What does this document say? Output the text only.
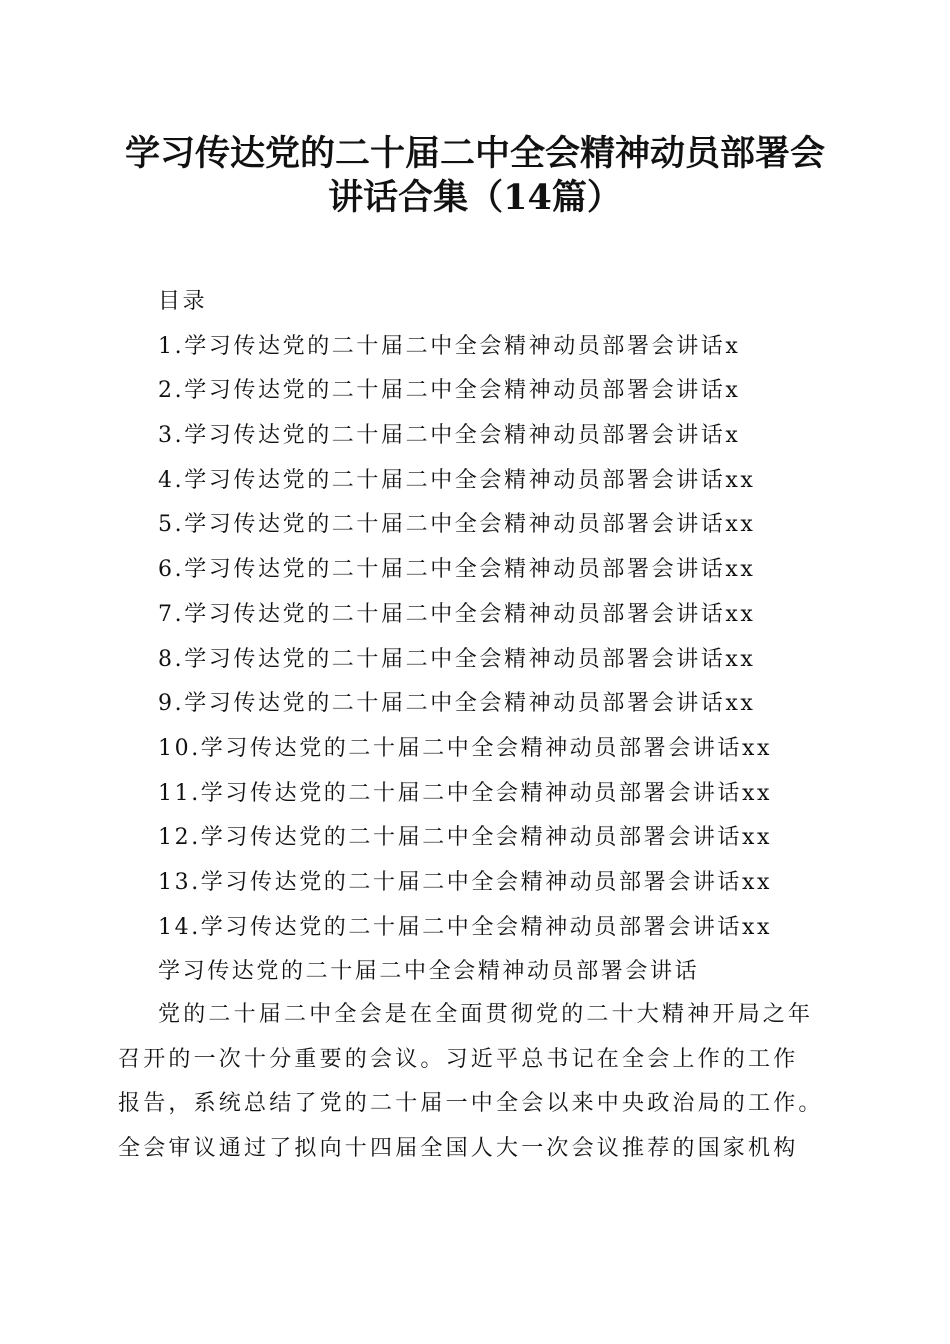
学习传达党的二十届二中全会精神动员部署会
讲话合集（14篇）
目录
1.学习传达党的二十届二中全会精神动员部署会讲话x
2.学习传达党的二十届二中全会精神动员部署会讲话x
3.学习传达党的二十届二中全会精神动员部署会讲话x
4.学习传达党的二十届二中全会精神动员部署会讲话xx
5.学习传达党的二十届二中全会精神动员部署会讲话xx
6.学习传达党的二十届二中全会精神动员部署会讲话xx
7.学习传达党的二十届二中全会精神动员部署会讲话xx
8.学习传达党的二十届二中全会精神动员部署会讲话xx
9.学习传达党的二十届二中全会精神动员部署会讲话xx
10.学习传达党的二十届二中全会精神动员部署会讲话xx
11.学习传达党的二十届二中全会精神动员部署会讲话xx
12.学习传达党的二十届二中全会精神动员部署会讲话xx
13.学习传达党的二十届二中全会精神动员部署会讲话xx
14.学习传达党的二十届二中全会精神动员部署会讲话xx
学习传达党的二十届二中全会精神动员部署会讲话
党的二十届二中全会是在全面贯彻党的二十大精神开局之年
召开的一次十分重要的会议。习近平总书记在全会上作的工作
报告，系统总结了党的二十届一中全会以来中央政治局的工作。
全会审议通过了拟向十四届全国人大一次会议推荐的国家机构
